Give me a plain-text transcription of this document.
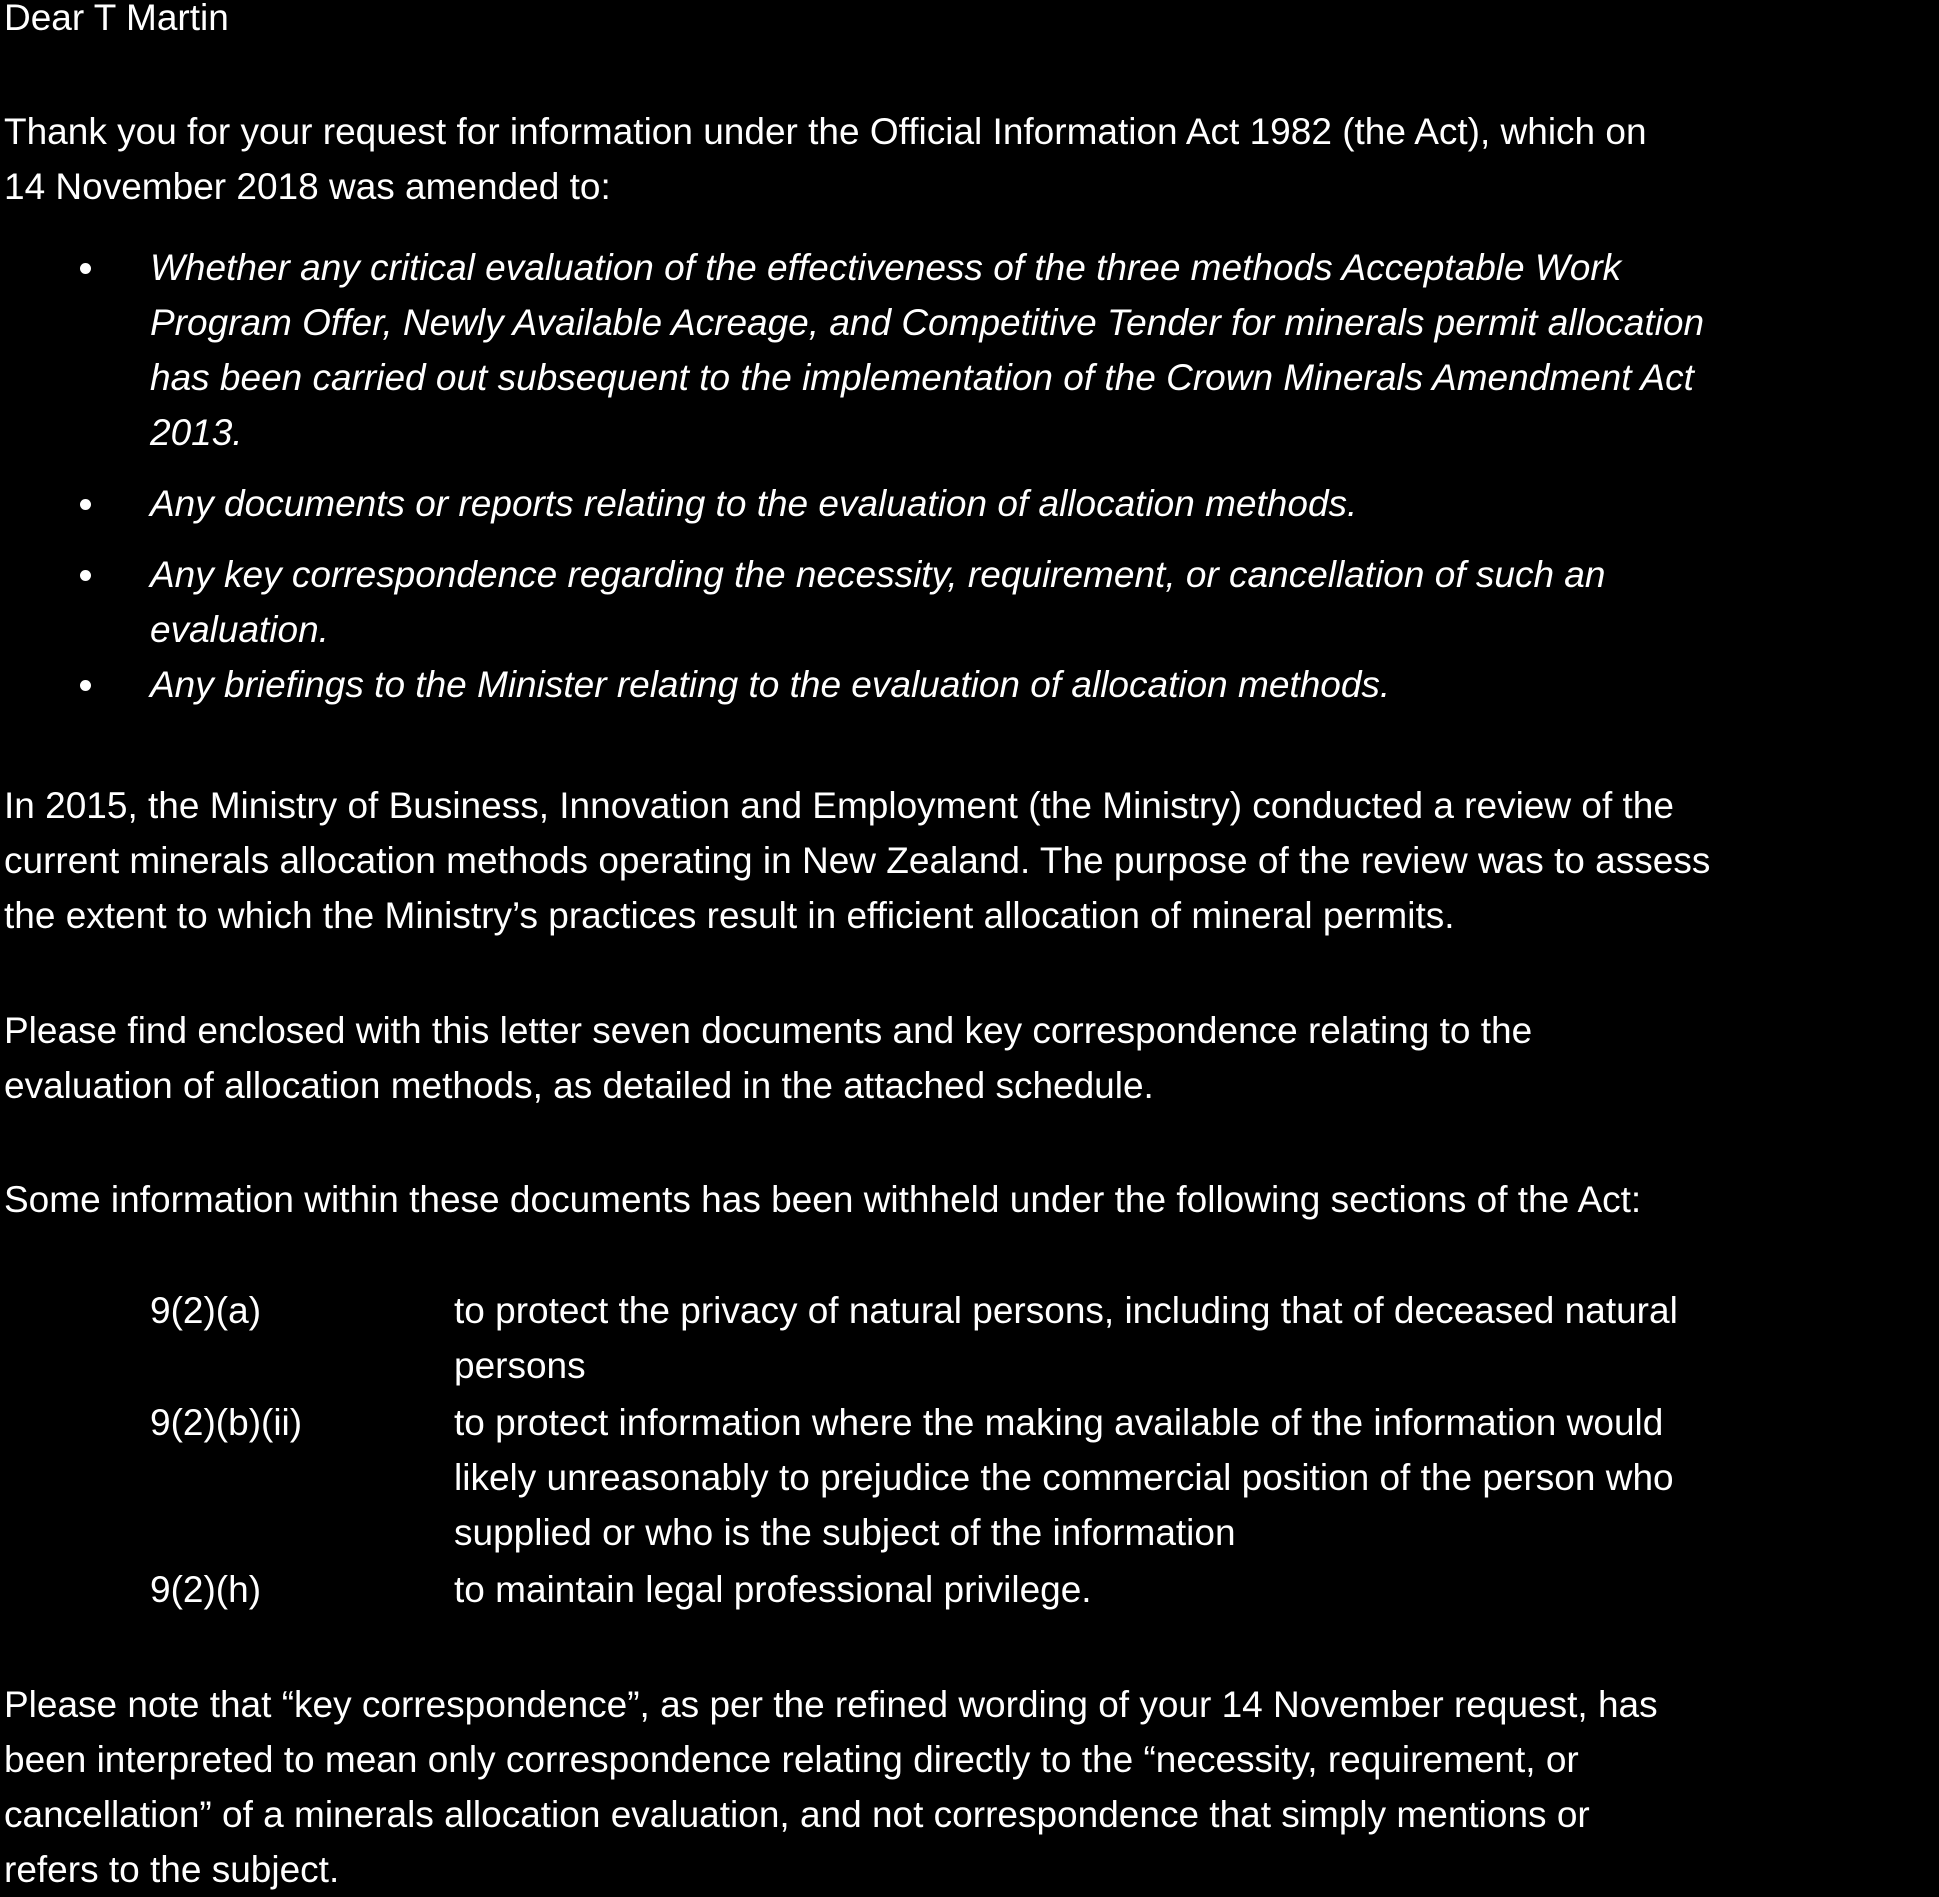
Dear T Martin

Thank you for your request for information under the Official Information Act 1982 (the Act), which on
14 November 2018 was amended to:

Whether any critical evaluation of the effectiveness of the three methods Acceptable Work
Program Offer, Newly Available Acreage, and Competitive Tender for minerals permit allocation
has been carried out subsequent to the implementation of the Crown Minerals Amendment Act
2013.
Any documents or reports relating to the evaluation of allocation methods.
Any key correspondence regarding the necessity, requirement, or cancellation of such an
evaluation.
Any briefings to the Minister relating to the evaluation of allocation methods.

In 2015, the Ministry of Business, Innovation and Employment (the Ministry) conducted a review of the
current minerals allocation methods operating in New Zealand. The purpose of the review was to assess
the extent to which the Ministry’s practices result in efficient allocation of mineral permits.

Please find enclosed with this letter seven documents and key correspondence relating to the
evaluation of allocation methods, as detailed in the attached schedule.

Some information within these documents has been withheld under the following sections of the Act:

9(2)(a)	to protect the privacy of natural persons, including that of deceased natural
persons
9(2)(b)(ii)	to protect information where the making available of the information would
likely unreasonably to prejudice the commercial position of the person who
supplied or who is the subject of the information
9(2)(h)	to maintain legal professional privilege.

Please note that “key correspondence”, as per the refined wording of your 14 November request, has
been interpreted to mean only correspondence relating directly to the “necessity, requirement, or
cancellation” of a minerals allocation evaluation, and not correspondence that simply mentions or
refers to the subject.
